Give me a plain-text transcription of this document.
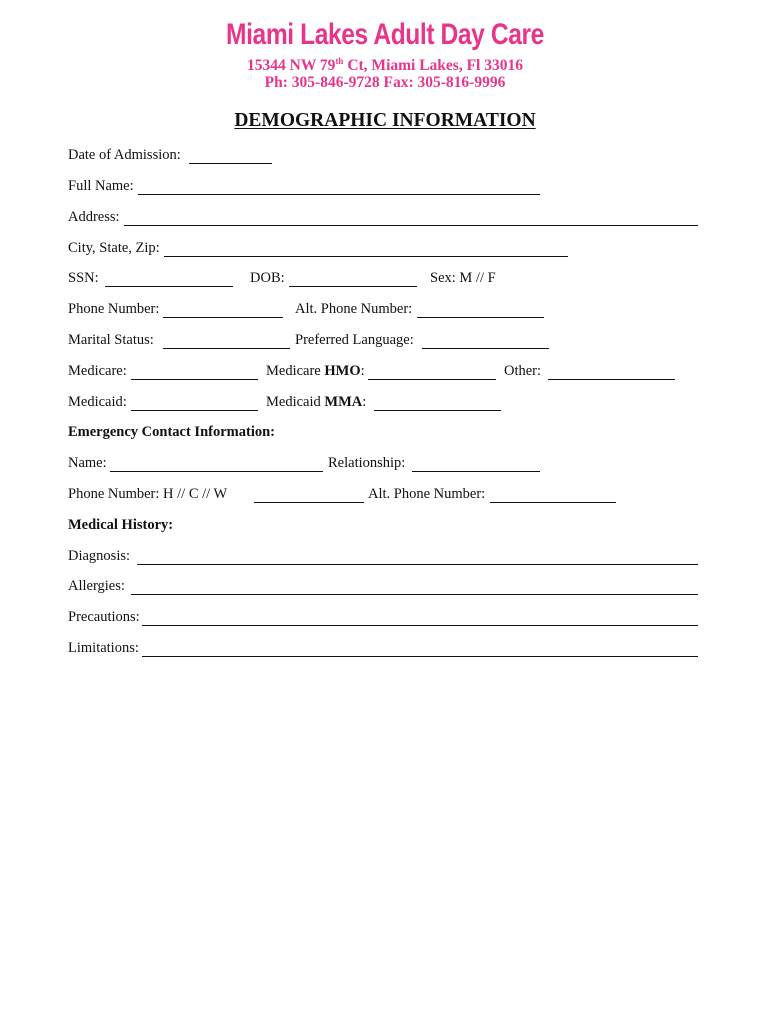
Miami Lakes Adult Day Care
15344 NW 79th Ct, Miami Lakes, Fl 33016
Ph: 305-846-9728 Fax: 305-816-9996
DEMOGRAPHIC INFORMATION
Date of Admission:
Full Name:
Address:
City, State, Zip:
SSN:	DOB:	Sex: M // F
Phone Number:	Alt. Phone Number:
Marital Status:	Preferred Language:
Medicare:	Medicare HMO:	Other:
Medicaid:	Medicaid MMA:
Emergency Contact Information:
Name:	Relationship:
Phone Number: H // C // W	Alt. Phone Number:
Medical History:
Diagnosis:
Allergies:
Precautions:
Limitations:
